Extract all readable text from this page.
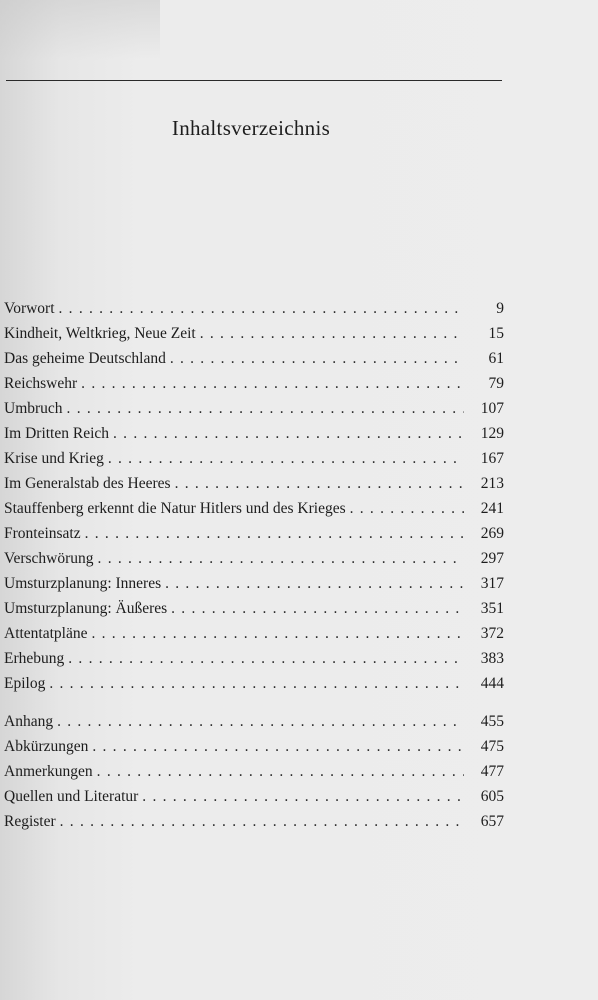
Inhaltsverzeichnis
Vorwort . . .	9
Kindheit, Weltkrieg, Neue Zeit . . .	15
Das geheime Deutschland . . .	61
Reichswehr . . .	79
Umbruch . . .	107
Im Dritten Reich . . .	129
Krise und Krieg . . .	167
Im Generalstab des Heeres . . .	213
Stauffenberg erkennt die Natur Hitlers und des Krieges . . .	241
Fronteinsatz . . .	269
Verschwörung . . .	297
Umsturzplanung: Inneres . . .	317
Umsturzplanung: Äußeres . . .	351
Attentatpläne . . .	372
Erhebung . . .	383
Epilog . . .	444
Anhang . . .	455
Abkürzungen . . .	475
Anmerkungen . . .	477
Quellen und Literatur . . .	605
Register . . .	657
